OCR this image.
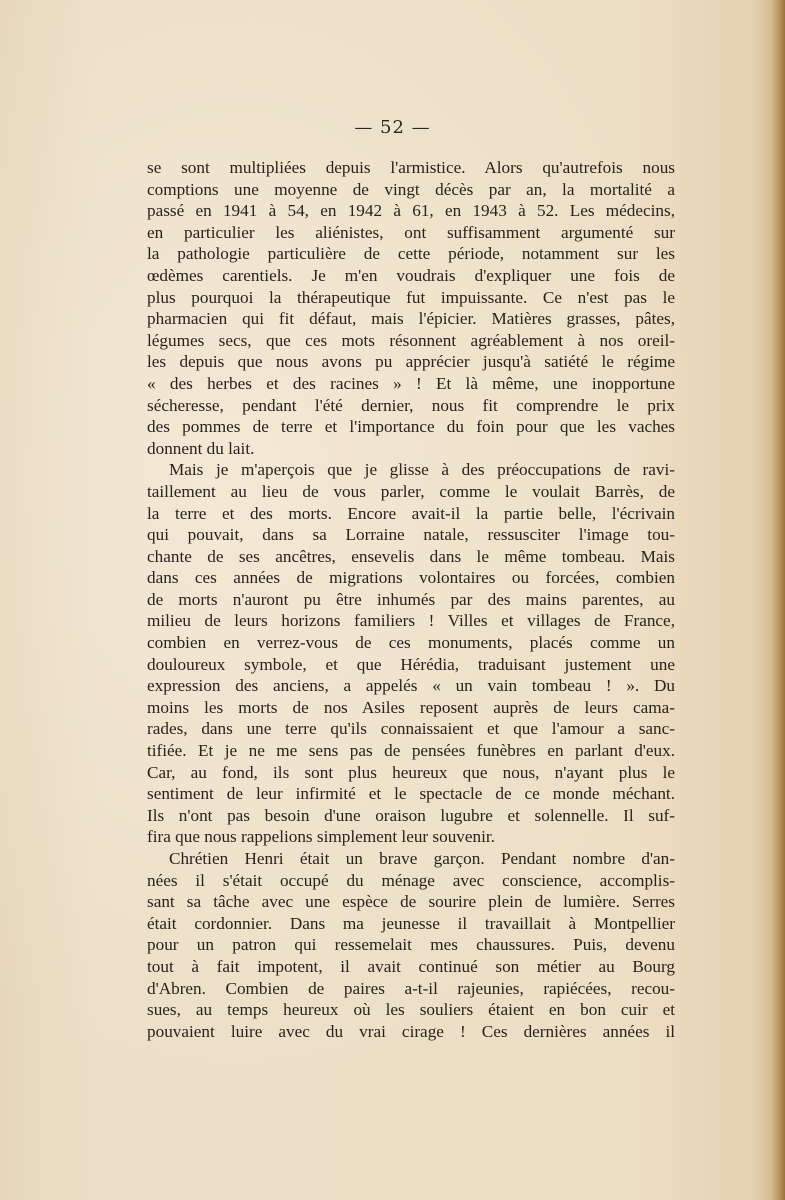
— 52 —
se sont multipliées depuis l'armistice. Alors qu'autrefois nous
comptions une moyenne de vingt décès par an, la mortalité a
passé en 1941 à 54, en 1942 à 61, en 1943 à 52. Les médecins,
en particulier les aliénistes, ont suffisamment argumenté sur
la pathologie particulière de cette période, notamment sur les
œdèmes carentiels. Je m'en voudrais d'expliquer une fois de
plus pourquoi la thérapeutique fut impuissante. Ce n'est pas le
pharmacien qui fit défaut, mais l'épicier. Matières grasses, pâtes,
légumes secs, que ces mots résonnent agréablement à nos oreil-
les depuis que nous avons pu apprécier jusqu'à satiété le régime
« des herbes et des racines » ! Et là même, une inopportune
sécheresse, pendant l'été dernier, nous fit comprendre le prix
des pommes de terre et l'importance du foin pour que les vaches
donnent du lait.
Mais je m'aperçois que je glisse à des préoccupations de ravi-
taillement au lieu de vous parler, comme le voulait Barrès, de
la terre et des morts. Encore avait-il la partie belle, l'écrivain
qui pouvait, dans sa Lorraine natale, ressusciter l'image tou-
chante de ses ancêtres, ensevelis dans le même tombeau. Mais
dans ces années de migrations volontaires ou forcées, combien
de morts n'auront pu être inhumés par des mains parentes, au
milieu de leurs horizons familiers ! Villes et villages de France,
combien en verrez-vous de ces monuments, placés comme un
douloureux symbole, et que Hérédia, traduisant justement une
expression des anciens, a appelés « un vain tombeau ! ». Du
moins les morts de nos Asiles reposent auprès de leurs cama-
rades, dans une terre qu'ils connaissaient et que l'amour a sanc-
tifiée. Et je ne me sens pas de pensées funèbres en parlant d'eux.
Car, au fond, ils sont plus heureux que nous, n'ayant plus le
sentiment de leur infirmité et le spectacle de ce monde méchant.
Ils n'ont pas besoin d'une oraison lugubre et solennelle. Il suf-
fira que nous rappelions simplement leur souvenir.
Chrétien Henri était un brave garçon. Pendant nombre d'an-
nées il s'était occupé du ménage avec conscience, accomplis-
sant sa tâche avec une espèce de sourire plein de lumière. Serres
était cordonnier. Dans ma jeunesse il travaillait à Montpellier
pour un patron qui ressemelait mes chaussures. Puis, devenu
tout à fait impotent, il avait continué son métier au Bourg
d'Abren. Combien de paires a-t-il rajeunies, rapiécées, recou-
sues, au temps heureux où les souliers étaient en bon cuir et
pouvaient luire avec du vrai cirage ! Ces dernières années il
